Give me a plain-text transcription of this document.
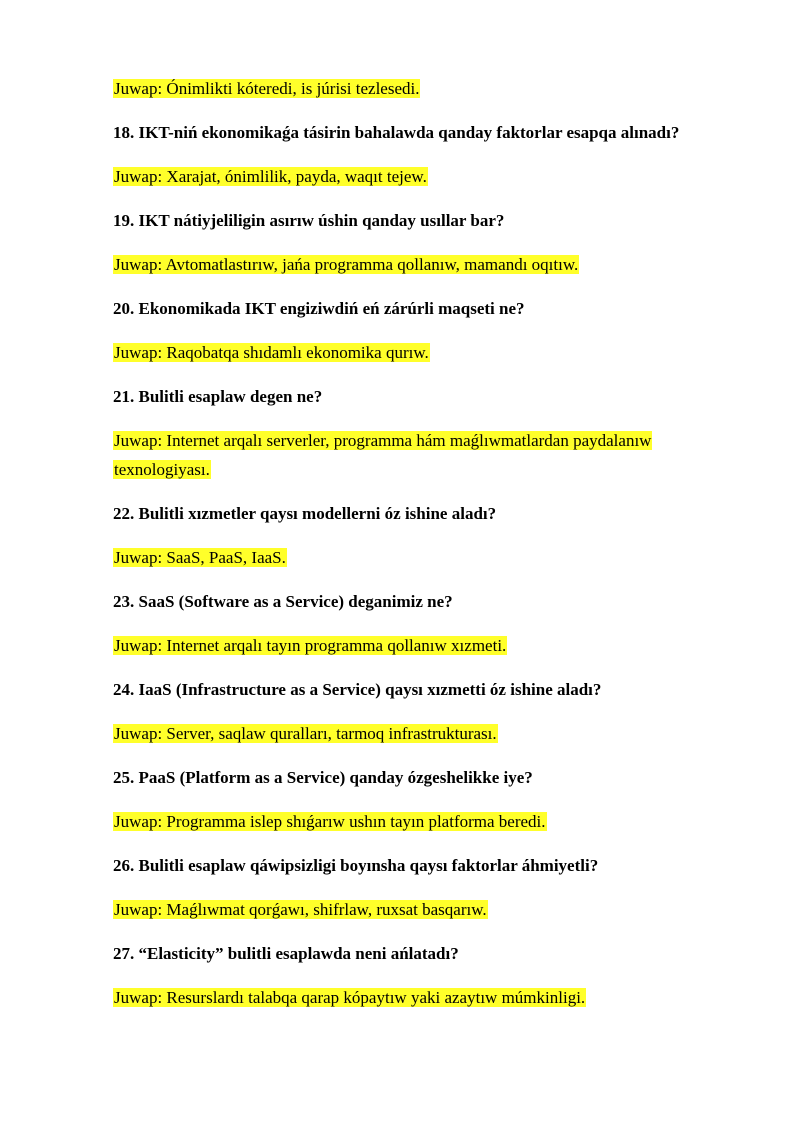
Juwap: Ónimlikti kóteredi, is júrisi tezlesedi.

18. IKT-niń ekonomikaǵa tásirin bahalawda qanday faktorlar esapqa alınadı?

Juwap: Xarajat, ónimlilik, payda, waqıt tejew.

19. IKT nátiyjeliligin asırıw úshin qanday usıllar bar?

Juwap: Avtomatlastırıw, jańa programma qollanıw, mamandı oqıtıw.

20. Ekonomikada IKT engiziwdiń eń zárúrli maqseti ne?

Juwap: Raqobatqa shıdamlı ekonomika qurıw.

21. Bulitli esaplaw degen ne?

Juwap: Internet arqalı serverler, programma hám maǵlıwmatlardan paydalanıw texnologiyası.

22. Bulitli xızmetler qaysı modellerni óz ishine aladı?

Juwap: SaaS, PaaS, IaaS.

23. SaaS (Software as a Service) deganimiz ne?

Juwap: Internet arqalı tayın programma qollanıw xızmeti.

24. IaaS (Infrastructure as a Service) qaysı xızmetti óz ishine aladı?

Juwap: Server, saqlaw quralları, tarmoq infrastrukturası.

25. PaaS (Platform as a Service) qanday ózgeshelikke iye?

Juwap: Programma islep shıǵarıw ushın tayın platforma beredi.

26. Bulitli esaplaw qáwipsizligi boyınsha qaysı faktorlar áhmiyetli?

Juwap: Maǵlıwmat qorǵawı, shifrlaw, ruxsat basqarıw.

27. “Elasticity” bulitli esaplawda neni ańlatadı?

Juwap: Resurslardı talabqa qarap kópaytıw yaki azaytıw múmkinligi.
